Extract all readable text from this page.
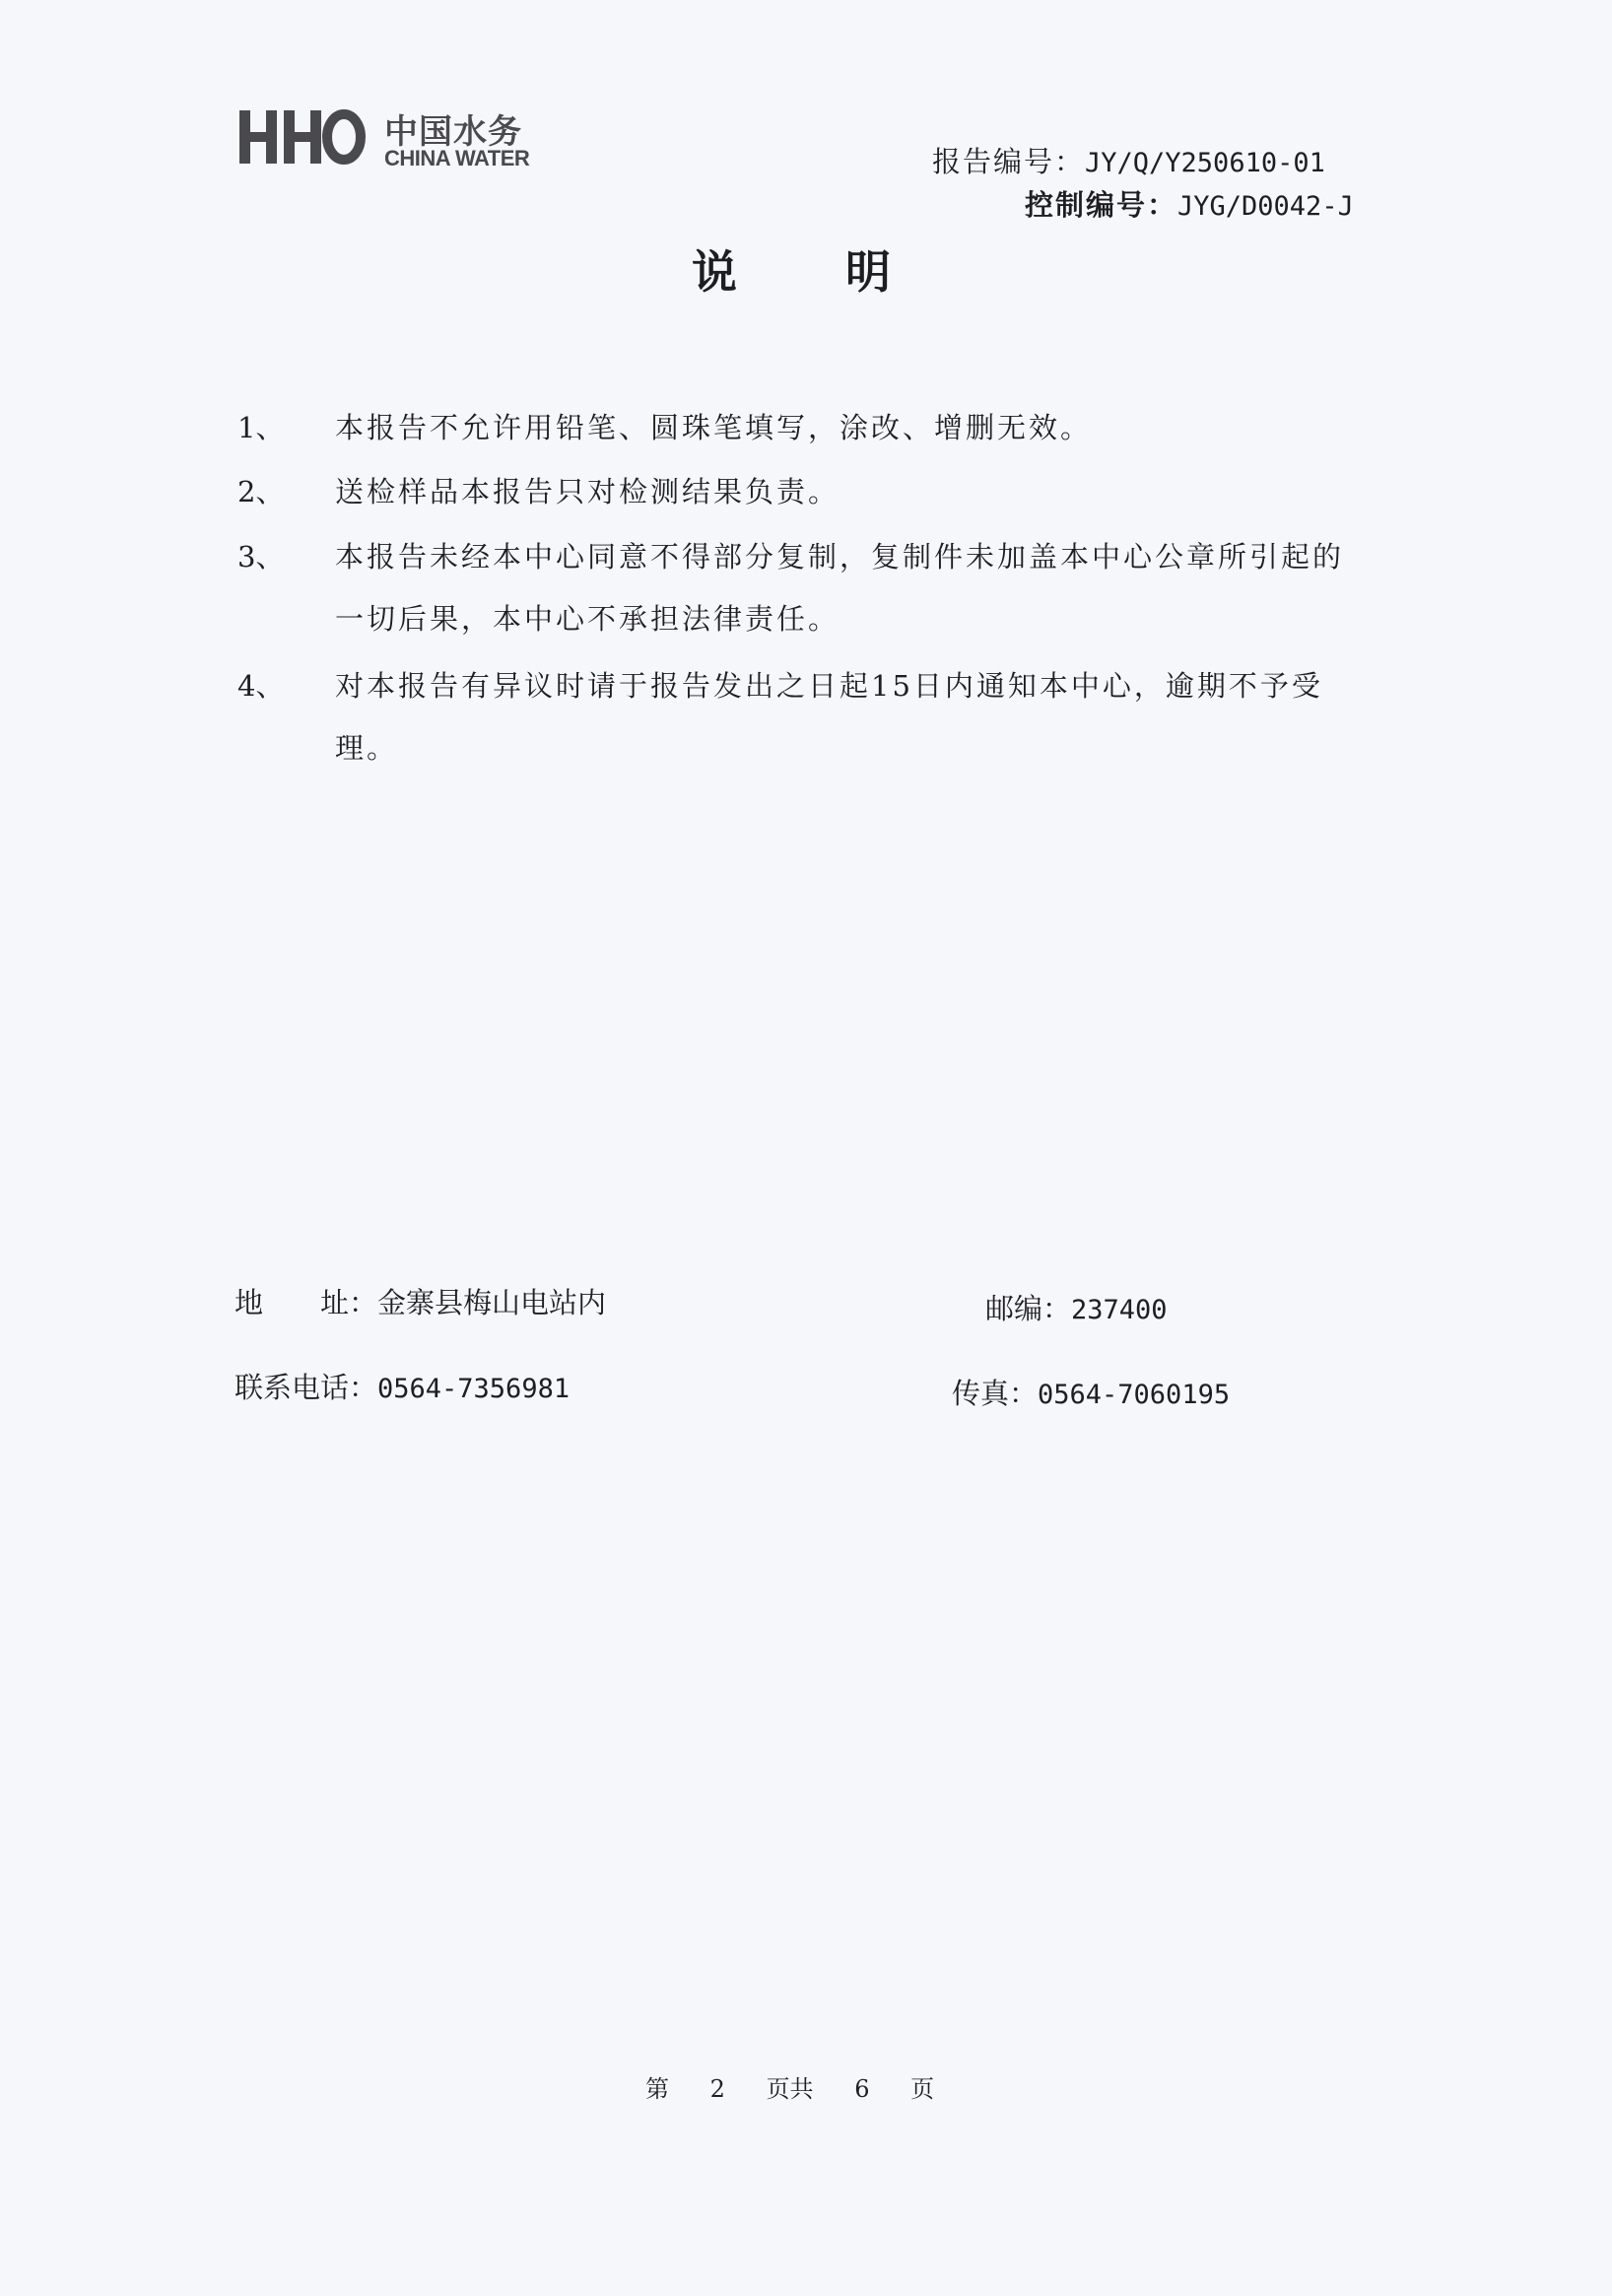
中国水务
CHINA WATER	报告编号：JY/Q/Y250610-01
控制编号：JYG/D0042-J
说明
1、 本报告不允许用铅笔、圆珠笔填写，涂改、增删无效。
2、 送检样品本报告只对检测结果负责。
3、 本报告未经本中心同意不得部分复制，复制件未加盖本中心公章所引起的
一切后果，本中心不承担法律责任。
4、 对本报告有异议时请于报告发出之日起15日内通知本中心，逾期不予受
理。
地　　址：金寨县梅山电站内	邮编：237400
联系电话：0564-7356981	传真：0564-7060195
第 2 页共 6 页
